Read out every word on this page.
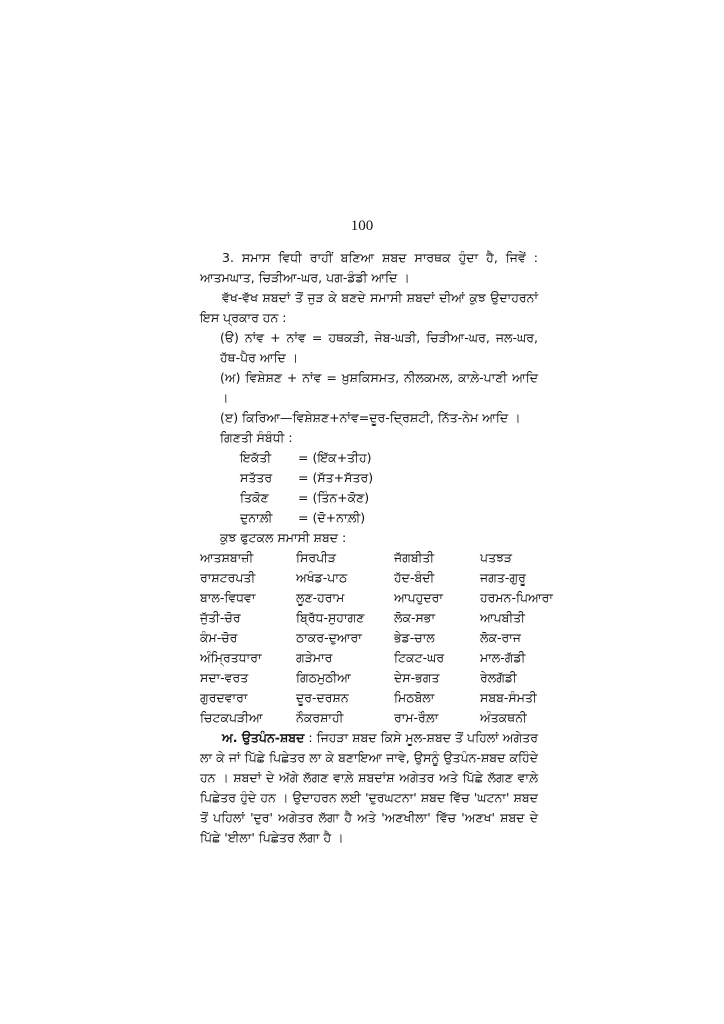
100
3. ਸਮਾਸ ਵਿਧੀ ਰਾਹੀਂ ਬਣਿਆ ਸ਼ਬਦ ਸਾਰਥਕ ਹੁੰਦਾ ਹੈ, ਜਿਵੇਂ : ਆਤਮਘਾਤ, ਚਿੜੀਆ-ਘਰ, ਪਗ-ਡੰਡੀ ਆਦਿ ।
ਵੱਖ-ਵੱਖ ਸ਼ਬਦਾਂ ਤੋਂ ਜੁੜ ਕੇ ਬਣਦੇ ਸਮਾਸੀ ਸ਼ਬਦਾਂ ਦੀਆਂ ਕੁਝ ਉਦਾਹਰਨਾਂ ਇਸ ਪ੍ਰਕਾਰ ਹਨ :
(ੳ) ਨਾਂਵ + ਨਾਂਵ = ਹਥਕੜੀ, ਜੇਬ-ਘੜੀ, ਚਿੜੀਆ-ਘਰ, ਜਲ-ਘਰ, ਹੱਥ-ਪੈਰ ਆਦਿ ।
(ਅ) ਵਿਸ਼ੇਸ਼ਣ + ਨਾਂਵ = ਖ਼ੁਸ਼ਕਿਸਮਤ, ਨੀਲਕਮਲ, ਕਾਲ਼ੇ-ਪਾਣੀ ਆਦਿ ।
(ੲ) ਕਿਰਿਆ—ਵਿਸ਼ੇਸ਼ਣ+ਨਾਂਵ=ਦੂਰ-ਦ੍ਰਿਸ਼ਟੀ, ਨਿੱਤ-ਨੇਮ ਆਦਿ ।
ਗਿਣਤੀ ਸੰਬੰਧੀ :
ਇਕੱਤੀ	= (ਇੱਕ+ਤੀਹ)
ਸਤੱਤਰ	= (ਸੱਤ+ਸੱਤਰ)
ਤਿਕੋਣ	= (ਤਿੰਨ+ਕੋਣ)
ਦੁਨਾਲ਼ੀ	= (ਦੋ+ਨਾਲ਼ੀ)
ਕੁਝ ਫੁਟਕਲ ਸਮਾਸੀ ਸ਼ਬਦ :
ਆਤਸ਼ਬਾਜ਼ੀ	ਸਿਰਪੀੜ	ਜੱਗਬੀਤੀ	ਪਤਝੜ
ਰਾਸ਼ਟਰਪਤੀ	ਅਖੰਡ-ਪਾਠ	ਹੱਦ-ਬੰਦੀ	ਜਗਤ-ਗੁਰੂ
ਬਾਲ-ਵਿਧਵਾ	ਲੂਣ-ਹਰਾਮ	ਆਪਹੁਦਰਾ	ਹਰਮਨ-ਪਿਆਰਾ
ਜੁੱਤੀ-ਚੋਰ	ਬ੍ਰਿੱਧ-ਸੁਹਾਗਣ	ਲੋਕ-ਸਭਾ	ਆਪਬੀਤੀ
ਕੰਮ-ਚੋਰ	ਠਾਕਰ-ਦੁਆਰਾ	ਭੇਡ-ਚਾਲ	ਲੋਕ-ਰਾਜ
ਅੰਮ੍ਰਿਤਧਾਰਾ	ਗੜੇਮਾਰ	ਟਿਕਟ-ਘਰ	ਮਾਲ-ਗੱਡੀ
ਸਦਾ-ਵਰਤ	ਗਿਠਮੁਠੀਆ	ਦੇਸ-ਭਗਤ	ਰੇਲਗੱਡੀ
ਗੁਰਦਵਾਰਾ	ਦੂਰ-ਦਰਸ਼ਨ	ਮਿਠਬੋਲਾ	ਸਬਬ-ਸੰਮਤੀ
ਚਿਟਕਪੜੀਆ	ਨੌਕਰਸ਼ਾਹੀ	ਰਾਮ-ਰੌਲ਼ਾ	ਅੰਤਕਥਨੀ
ਅ. ਉਤਪੰਨ-ਸ਼ਬਦ : ਜਿਹੜਾ ਸ਼ਬਦ ਕਿਸੇ ਮੂਲ-ਸ਼ਬਦ ਤੋਂ ਪਹਿਲਾਂ ਅਗੇਤਰ ਲਾ ਕੇ ਜਾਂ ਪਿੱਛੇ ਪਿਛੇਤਰ ਲਾ ਕੇ ਬਣਾਇਆ ਜਾਵੇ, ਉਸਨੂੰ ਉਤਪੰਨ-ਸ਼ਬਦ ਕਹਿੰਦੇ ਹਨ । ਸ਼ਬਦਾਂ ਦੇ ਅੱਗੇ ਲੱਗਣ ਵਾਲ਼ੇ ਸ਼ਬਦਾਂਸ਼ ਅਗੇਤਰ ਅਤੇ ਪਿੱਛੇ ਲੱਗਣ ਵਾਲ਼ੇ ਪਿਛੇਤਰ ਹੁੰਦੇ ਹਨ । ਉਦਾਹਰਨ ਲਈ 'ਦੁਰਘਟਨਾ' ਸ਼ਬਦ ਵਿੱਚ 'ਘਟਨਾ' ਸ਼ਬਦ ਤੋਂ ਪਹਿਲਾਂ 'ਦੁਰ' ਅਗੇਤਰ ਲੱਗਾ ਹੈ ਅਤੇ 'ਅਣਖੀਲਾ' ਵਿੱਚ 'ਅਣਖ' ਸ਼ਬਦ ਦੇ ਪਿੱਛੇ 'ਈਲਾ' ਪਿਛੇਤਰ ਲੱਗਾ ਹੈ ।
